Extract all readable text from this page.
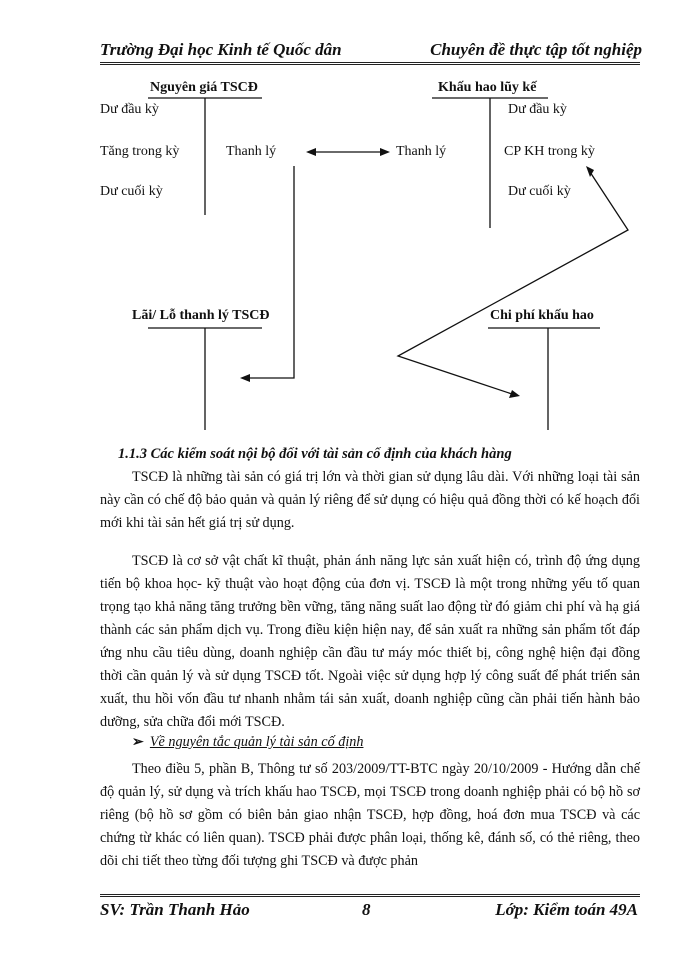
Trường Đại học Kinh tế Quốc dân	Chuyên đề thực tập tốt nghiệp
Nguyên giá TSCĐ
Dư đầu kỳ
Tăng trong kỳ
Dư cuối kỳ
Thanh lý
Khấu hao lũy kế
Thanh lý
Dư đầu kỳ
CP KH trong kỳ
Dư cuối kỳ
Lãi/ Lỗ thanh lý TSCĐ	Chi phí khấu hao
1.1.3 Các kiểm soát nội bộ đối với tài sản cố định của khách hàng

TSCĐ là những tài sản có giá trị lớn và thời gian sử dụng lâu dài. Với những loại tài sản này cần có chế độ bảo quản và quản lý riêng để sử dụng có hiệu quả đồng thời có kế hoạch đổi mới khi tài sản hết giá trị sử dụng.

TSCĐ là cơ sở vật chất kĩ thuật, phản ánh năng lực sản xuất hiện có, trình độ ứng dụng tiến bộ khoa học- kỹ thuật vào hoạt động của đơn vị. TSCĐ là một trong những yếu tố quan trọng tạo khả năng tăng trưởng bền vững, tăng năng suất lao động từ đó giảm chi phí và hạ giá thành các sản phẩm dịch vụ. Trong điều kiện hiện nay, để sản xuất ra những sản phẩm tốt đáp ứng nhu cầu tiêu dùng, doanh nghiệp cần đầu tư máy móc thiết bị, công nghệ hiện đại đồng thời cần quản lý và sử dụng TSCĐ tốt. Ngoài việc sử dụng hợp lý công suất để phát triển sản xuất, thu hồi vốn đầu tư nhanh nhằm tái sản xuất, doanh nghiệp cũng cần phải tiến hành bảo dưỡng, sửa chữa đổi mới TSCĐ.

➢ Về nguyên tắc quản lý tài sản cố định

Theo điều 5, phần B, Thông tư số 203/2009/TT-BTC ngày 20/10/2009 - Hướng dẫn chế độ quản lý, sử dụng và trích khấu hao TSCĐ, mọi TSCĐ trong doanh nghiệp phải có bộ hồ sơ riêng (bộ hồ sơ gồm có biên bản giao nhận TSCĐ, hợp đồng, hoá đơn mua TSCĐ và các chứng từ khác có liên quan). TSCĐ phải được phân loại, thống kê, đánh số, có thẻ riêng, theo dõi chi tiết theo từng đối tượng ghi TSCĐ và được phản

SV: Trần Thanh Hảo	8	Lớp: Kiểm toán 49A
